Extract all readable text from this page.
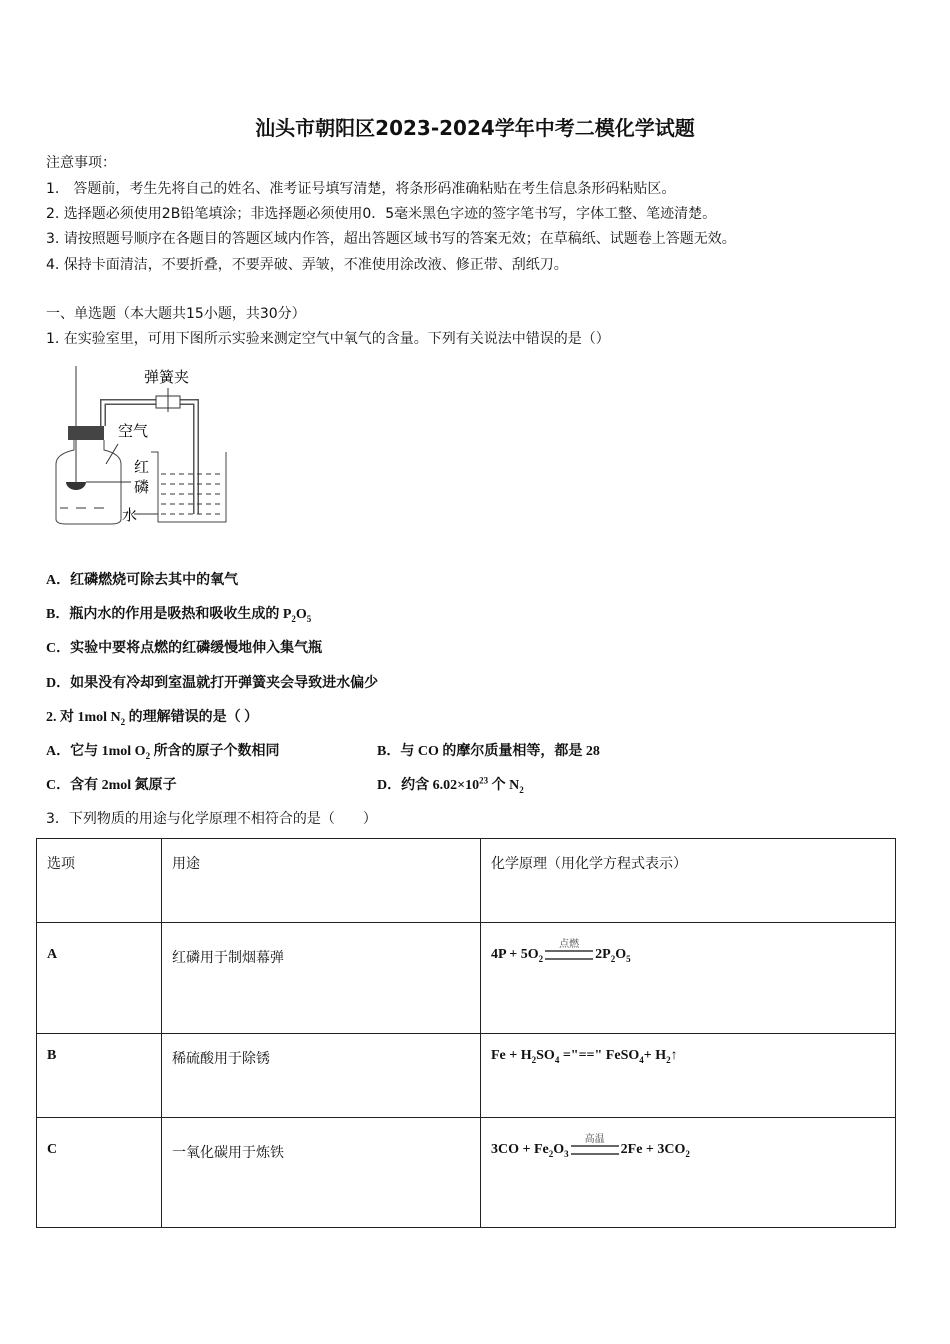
汕头市朝阳区2023-2024学年中考二模化学试题
注意事项：
1.　答题前，考生先将自己的姓名、准考证号填写清楚，将条形码准确粘贴在考生信息条形码粘贴区。
2. 选择题必须使用2B铅笔填涂；非选择题必须使用0．5毫米黑色字迹的签字笔书写，字体工整、笔迹清楚。
3. 请按照题号顺序在各题目的答题区域内作答，超出答题区域书写的答案无效；在草稿纸、试题卷上答题无效。
4. 保持卡面清洁，不要折叠，不要弄破、弄皱，不准使用涂改液、修正带、刮纸刀。
一、单选题（本大题共15小题，共30分）
1. 在实验室里，可用下图所示实验来测定空气中氧气的含量。下列有关说法中错误的是（）
弹簧夹
空气
红
磷
水
A．红磷燃烧可除去其中的氧气
B．瓶内水的作用是吸热和吸收生成的 $P_2O_5$
C．实验中要将点燃的红磷缓慢地伸入集气瓶
D．如果没有冷却到室温就打开弹簧夹会导致进水偏少
2. 对 1mol $N_2$ 的理解错误的是（ ）
A．它与 1mol $O_2$ 所含的原子个数相同	B．与 CO 的摩尔质量相等，都是 28
C．含有 2mol 氮原子	D．约含 $6.02\times 10^{23}$ 个 $N_2$
3．下列物质的用途与化学原理不相符合的是（　　）
选项	用途	化学原理（用化学方程式表示）
A	红磷用于制烟幕弹	$4P + 5O_2$
点燃
$2P_2O_5$
B	稀硫酸用于除锈	$Fe + H_2SO_4$ ="==" FeSO$_4$+ $H_2↑$
C	一氧化碳用于炼铁	$3CO + Fe_2O_3$
高温
$2Fe + 3CO_2$
